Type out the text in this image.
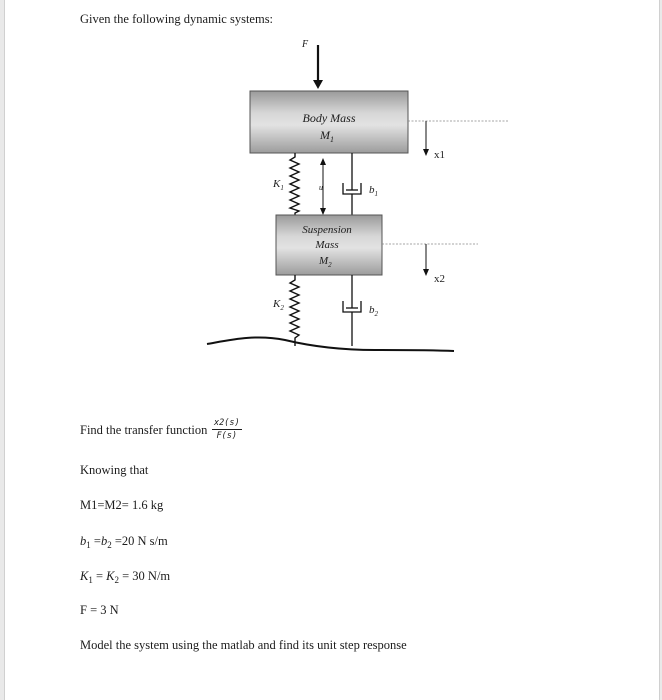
Given the following dynamic systems:
F
Body Mass
$M_1$
x1
$K_1$	u	$b_1$
Suspension
Mass
$M_2$
x2
$K_2$	$b_2$
Find the transfer function $\frac{x2(s)}{F(s)}$
Knowing that
M1=M2= 1.6 kg
$b_1 =b_2 =20$ N s/m
$K_1 = K_2 = 30$ N/m
F = 3 N
Model the system using the matlab and find its unit step response
